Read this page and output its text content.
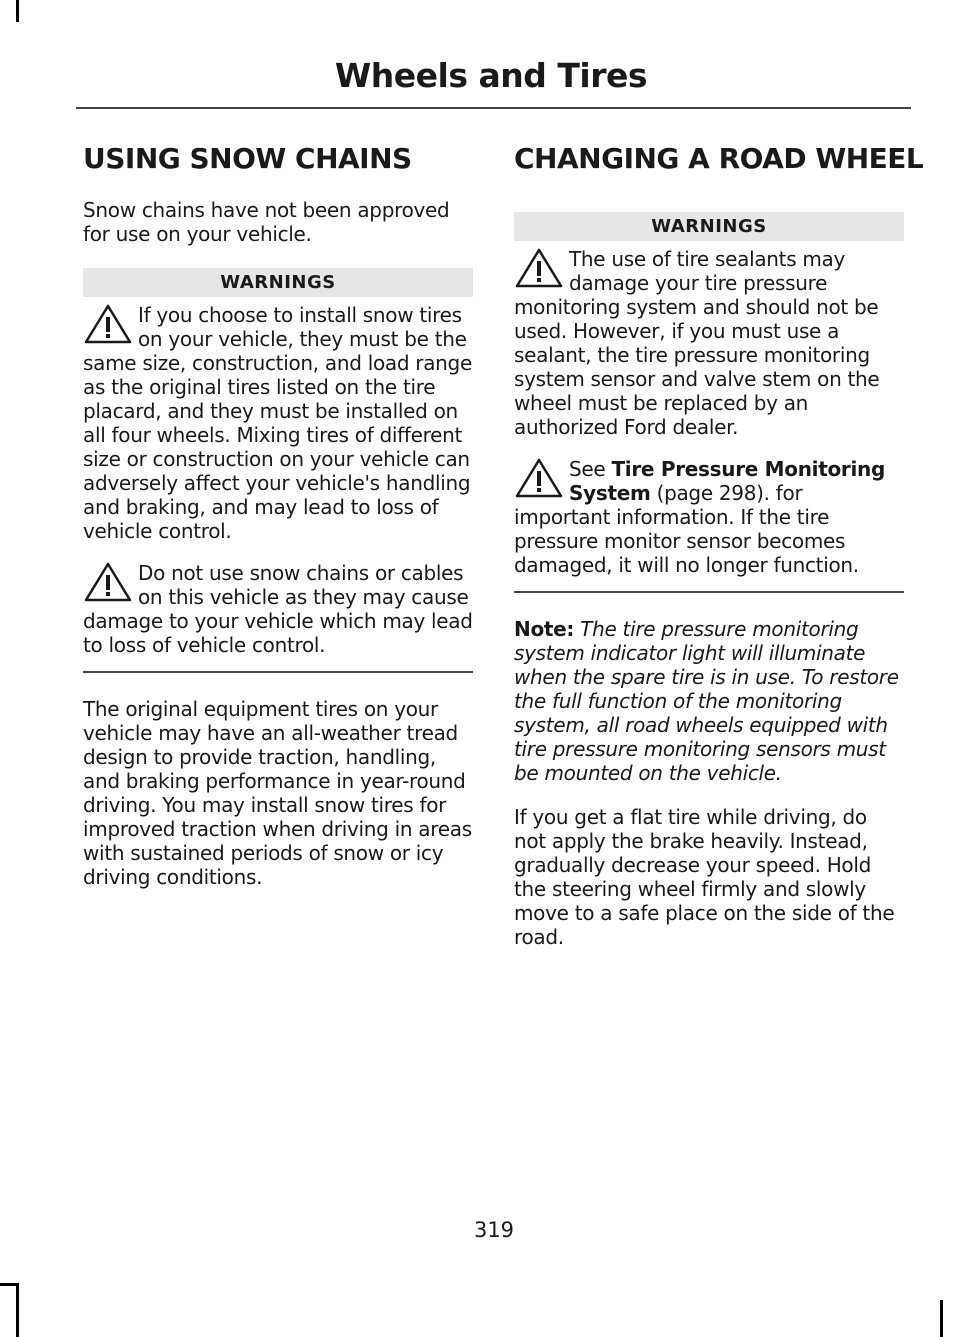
Wheels and Tires
USING SNOW CHAINS

Snow chains have not been approved for use on your vehicle.

WARNINGS
If you choose to install snow tires on your vehicle, they must be the same size, construction, and load range as the original tires listed on the tire placard, and they must be installed on all four wheels. Mixing tires of different size or construction on your vehicle can adversely affect your vehicle's handling and braking, and may lead to loss of vehicle control.
Do not use snow chains or cables on this vehicle as they may cause damage to your vehicle which may lead to loss of vehicle control.

The original equipment tires on your vehicle may have an all-weather tread design to provide traction, handling, and braking performance in year-round driving. You may install snow tires for improved traction when driving in areas with sustained periods of snow or icy driving conditions.

CHANGING A ROAD WHEEL
WARNINGS
The use of tire sealants may damage your tire pressure monitoring system and should not be used. However, if you must use a sealant, the tire pressure monitoring system sensor and valve stem on the wheel must be replaced by an authorized Ford dealer.
See Tire Pressure Monitoring System (page 298). for important information. If the tire pressure monitor sensor becomes damaged, it will no longer function.

Note: The tire pressure monitoring system indicator light will illuminate when the spare tire is in use. To restore the full function of the monitoring system, all road wheels equipped with tire pressure monitoring sensors must be mounted on the vehicle.

If you get a flat tire while driving, do not apply the brake heavily. Instead, gradually decrease your speed. Hold the steering wheel firmly and slowly move to a safe place on the side of the road.

319
